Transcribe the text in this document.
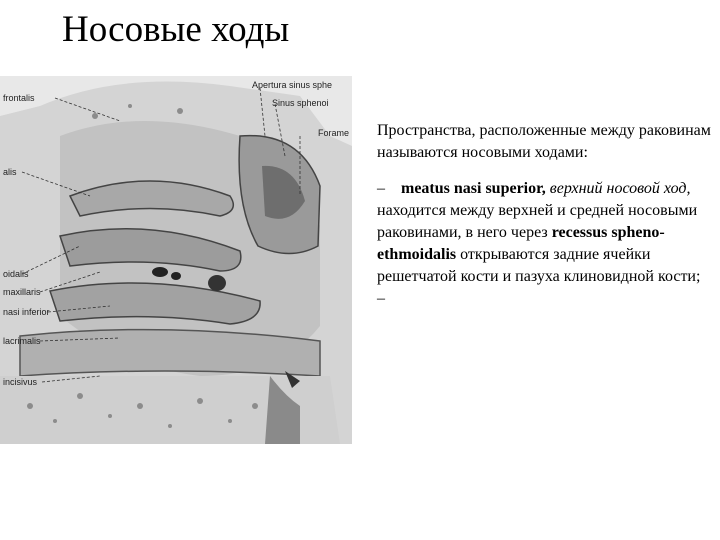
Носовые ходы
frontalis
Apertura sinus sphe
Sinus sphenoi
Forame
alis
oidalis
maxillaris
nasi inferior
lacrimalis
incisivus

Пространства, расположенные между раковинам называются носовыми ходами:

– meatus nasi superior, верхний носовой ход, находится между верхней и средней носовыми раковинами, в него через recessus spheno-ethmoidalis открываются задние ячейки решетчатой кости и пазуха клиновидной кости; –
